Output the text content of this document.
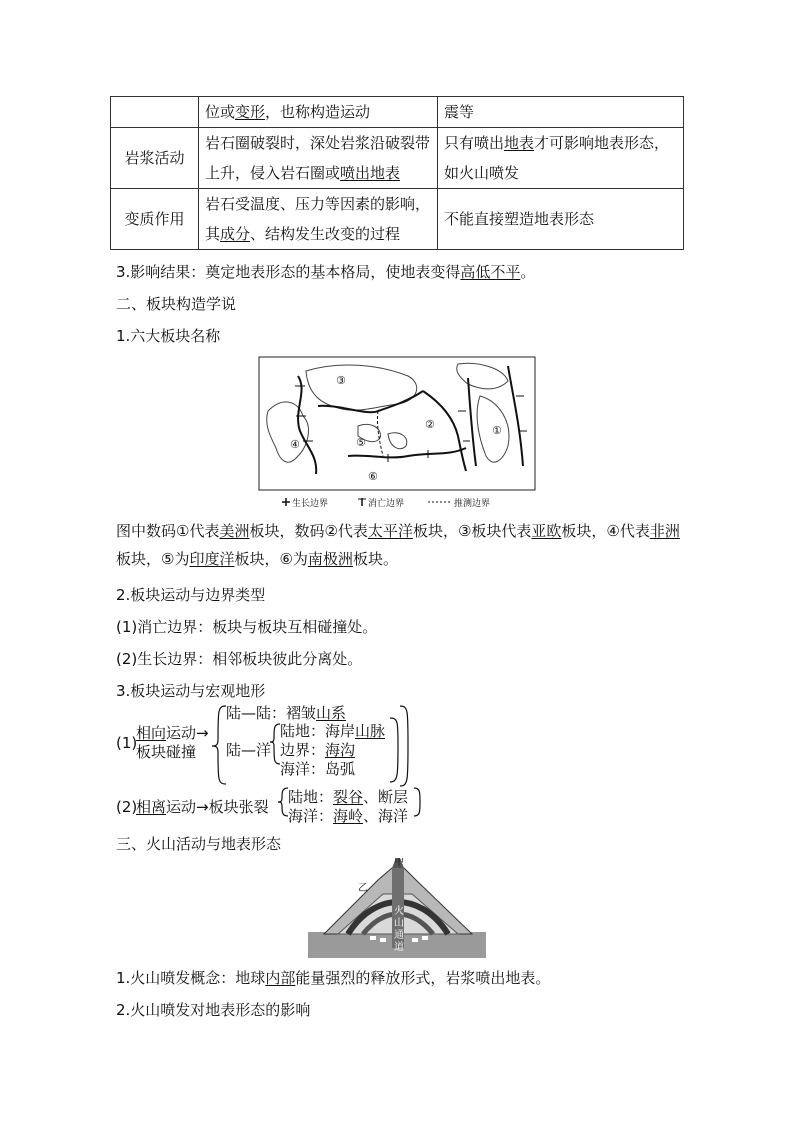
	位或变形，也称构造运动	震等
岩浆活动	岩石圈破裂时，深处岩浆沿破裂带上升，侵入岩石圈或喷出地表	只有喷出地表才可影响地表形态，如火山喷发
变质作用	岩石受温度、压力等因素的影响，其成分、结构发生改变的过程	不能直接塑造地表形态
3.影响结果：奠定地表形态的基本格局，使地表变得高低不平。
二、板块构造学说
1.六大板块名称
③
②	①
④	⑤
⑥
生长边界	消亡边界	推测边界
图中数码①代表美洲板块，数码②代表太平洋板块，③板块代表亚欧板块，④代表非洲板块，⑤为印度洋板块，⑥为南极洲板块。
2.板块运动与边界类型
(1)消亡边界：板块与板块互相碰撞处。
(2)生长边界：相邻板块彼此分离处。
3.板块运动与宏观地形
(1)
相向运动→
板块碰撞
陆—陆：褶皱山系
陆—洋
陆地：海岸山脉
边界：海沟
海洋：岛弧
(2)
相离运动→板块张裂
陆地：裂谷、断层
海洋：海岭、海洋
三、火山活动与地表形态
甲
乙
火
山
通
道
1.火山喷发概念：地球内部能量强烈的释放形式，岩浆喷出地表。
2.火山喷发对地表形态的影响
